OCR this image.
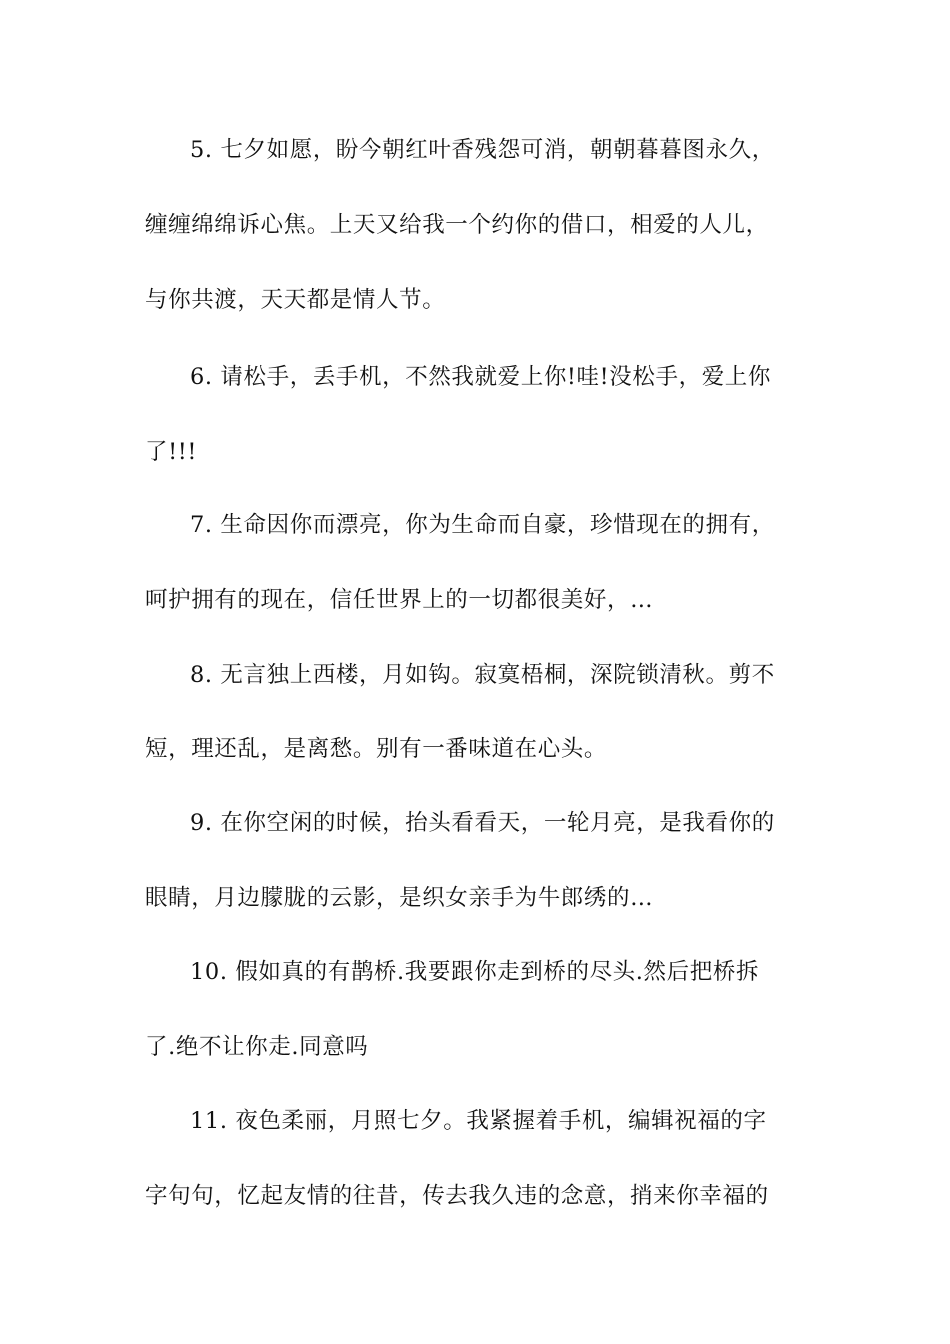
5. 七夕如愿，盼今朝红叶香残怨可消，朝朝暮暮图永久，
缠缠绵绵诉心焦。上天又给我一个约你的借口，相爱的人儿，
与你共渡，天天都是情人节。
6. 请松手，丢手机，不然我就爱上你!哇!没松手，爱上你
了!!!
7. 生命因你而漂亮，你为生命而自豪，珍惜现在的拥有，
呵护拥有的现在，信任世界上的一切都很美好，…
8. 无言独上西楼，月如钩。寂寞梧桐，深院锁清秋。剪不
短，理还乱，是离愁。别有一番味道在心头。
9. 在你空闲的时候，抬头看看天，一轮月亮，是我看你的
眼睛，月边朦胧的云影，是织女亲手为牛郎绣的…
10. 假如真的有鹊桥.我要跟你走到桥的尽头.然后把桥拆
了.绝不让你走.同意吗
11. 夜色柔丽，月照七夕。我紧握着手机，编辑祝福的字
字句句，忆起友情的往昔，传去我久违的念意，捎来你幸福的
